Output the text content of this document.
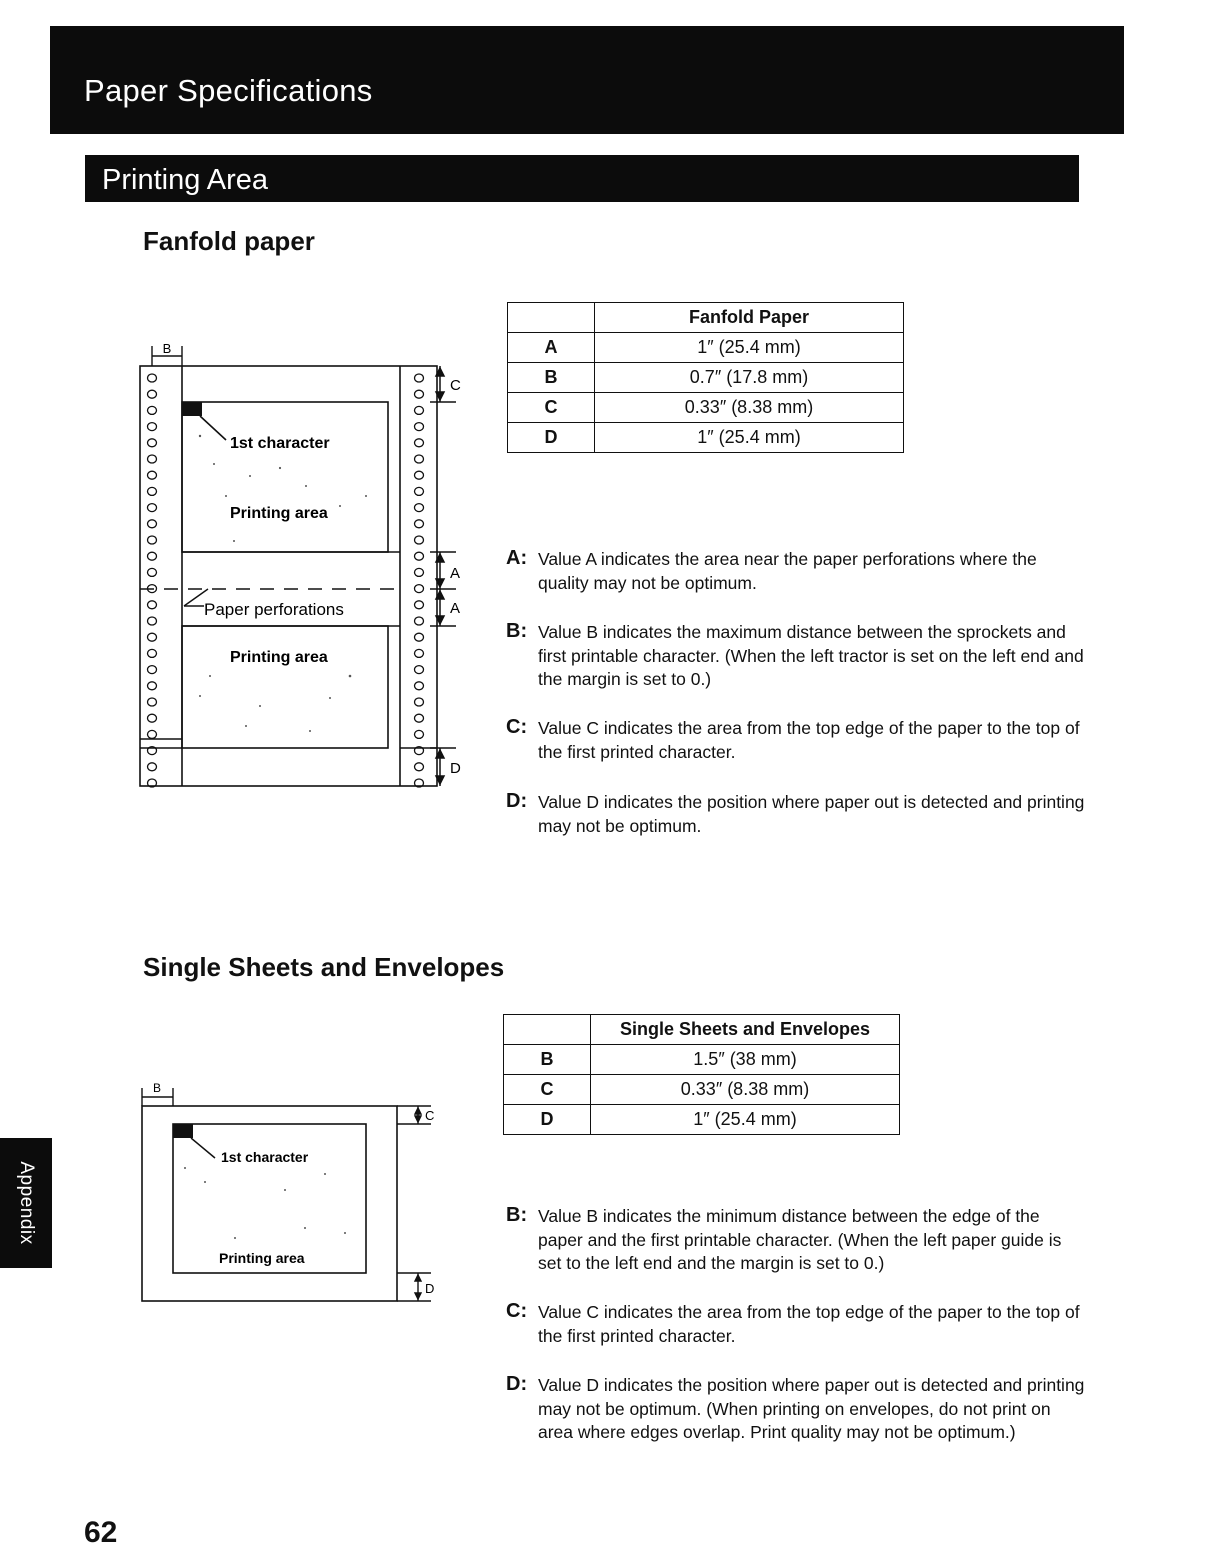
Paper Specifications
Printing Area
Fanfold paper
B
C
A
A
D
1st character
Printing area
Paper perforations
Printing area
	Fanfold Paper
A	1″ (25.4 mm)
B	0.7″ (17.8 mm)
C	0.33″ (8.38 mm)
D	1″ (25.4 mm)
A: Value A indicates the area near the paper perforations where the quality may not be optimum.
B: Value B indicates the maximum distance between the sprockets and first printable character. (When the left tractor is set on the left end and the margin is set to 0.)
C: Value C indicates the area from the top edge of the paper to the top of the first printed character.
D: Value D indicates the position where paper out is detected and printing may not be optimum.
Single Sheets and Envelopes
B
C
D
1st character
Printing area
	Single Sheets and Envelopes
B	1.5″ (38 mm)
C	0.33″ (8.38 mm)
D	1″ (25.4 mm)
B: Value B indicates the minimum distance between the edge of the paper and the first printable character. (When the left paper guide is set to the left end and the margin is set to 0.)
C: Value C indicates the area from the top edge of the paper to the top of the first printed character.
D: Value D indicates the position where paper out is detected and printing may not be optimum. (When printing on envelopes, do not print on area where edges overlap. Print quality may not be optimum.)
Appendix
62
